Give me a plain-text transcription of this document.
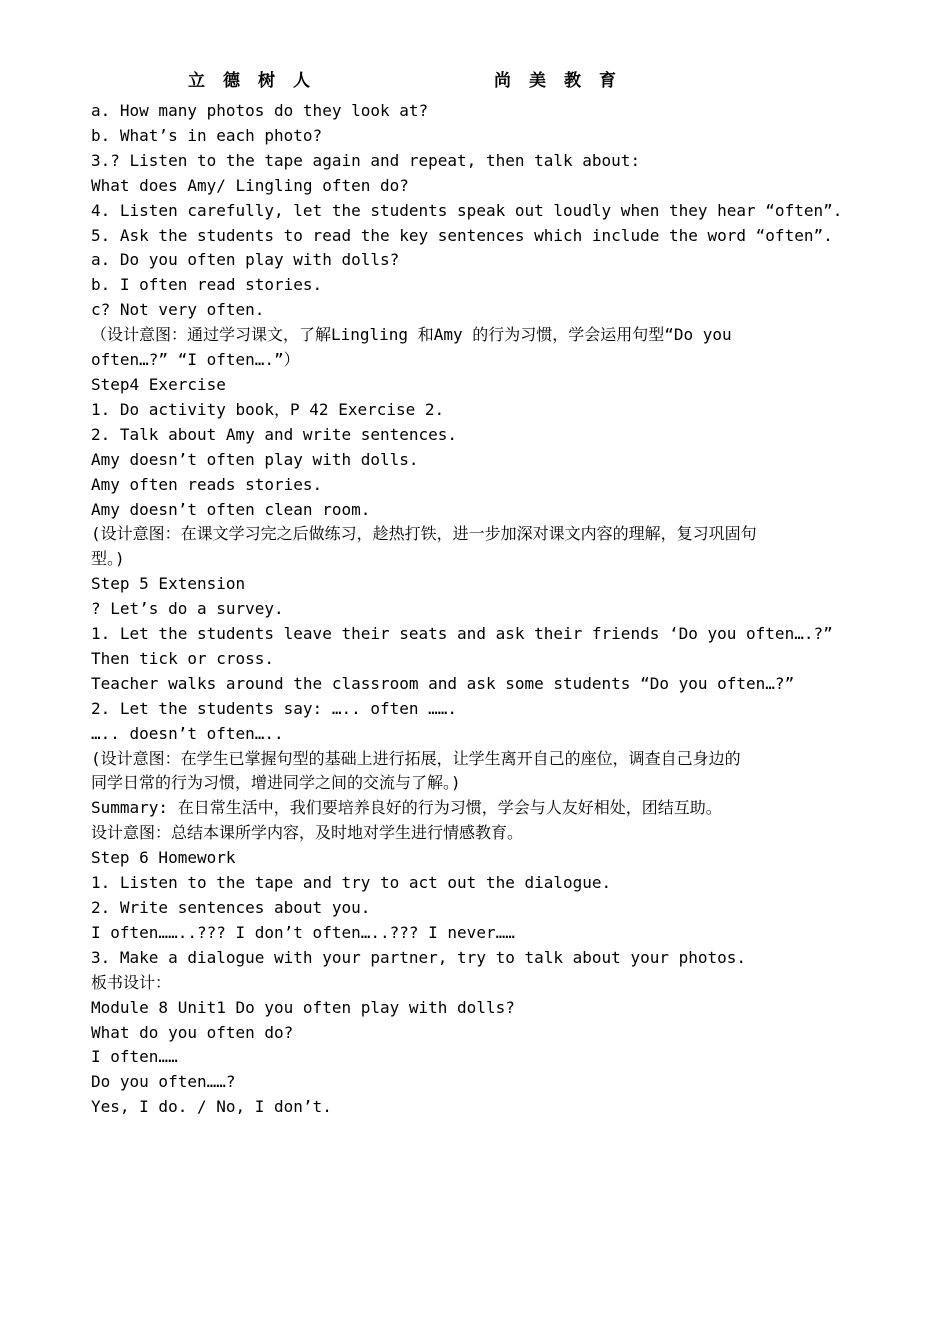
立德树人	尚美教育
a. How many photos do they look at?
b. What’s in each photo?
3.? Listen to the tape again and repeat, then talk about:
What does Amy/ Lingling often do?
4. Listen carefully, let the students speak out loudly when they hear “often”.
5. Ask the students to read the key sentences which include the word “often”.
a. Do you often play with dolls?
b. I often read stories.
c? Not very often.
（设计意图：通过学习课文，了解Lingling 和Amy 的行为习惯，学会运用句型“Do you
often…?” “I often….”）
Step4 Exercise
1. Do activity book，P 42 Exercise 2.
2. Talk about Amy and write sentences.
Amy doesn’t often play with dolls.
Amy often reads stories.
Amy doesn’t often clean room.
(设计意图：在课文学习完之后做练习，趁热打铁，进一步加深对课文内容的理解，复习巩固句
型。)
Step 5 Extension
? Let’s do a survey.
1. Let the students leave their seats and ask their friends ‘Do you often….?”
Then tick or cross.
Teacher walks around the classroom and ask some students “Do you often…?”
2. Let the students say: ….. often …….
….. doesn’t often…..
(设计意图：在学生已掌握句型的基础上进行拓展，让学生离开自己的座位，调查自己身边的
同学日常的行为习惯，增进同学之间的交流与了解。)
Summary: 在日常生活中，我们要培养良好的行为习惯，学会与人友好相处，团结互助。
设计意图：总结本课所学内容，及时地对学生进行情感教育。
Step 6 Homework
1. Listen to the tape and try to act out the dialogue.
2. Write sentences about you.
I often……..??? I don’t often…..??? I never……
3. Make a dialogue with your partner, try to talk about your photos.
板书设计：
Module 8 Unit1 Do you often play with dolls?
What do you often do?
I often……
Do you often……?
Yes, I do. / No, I don’t.
